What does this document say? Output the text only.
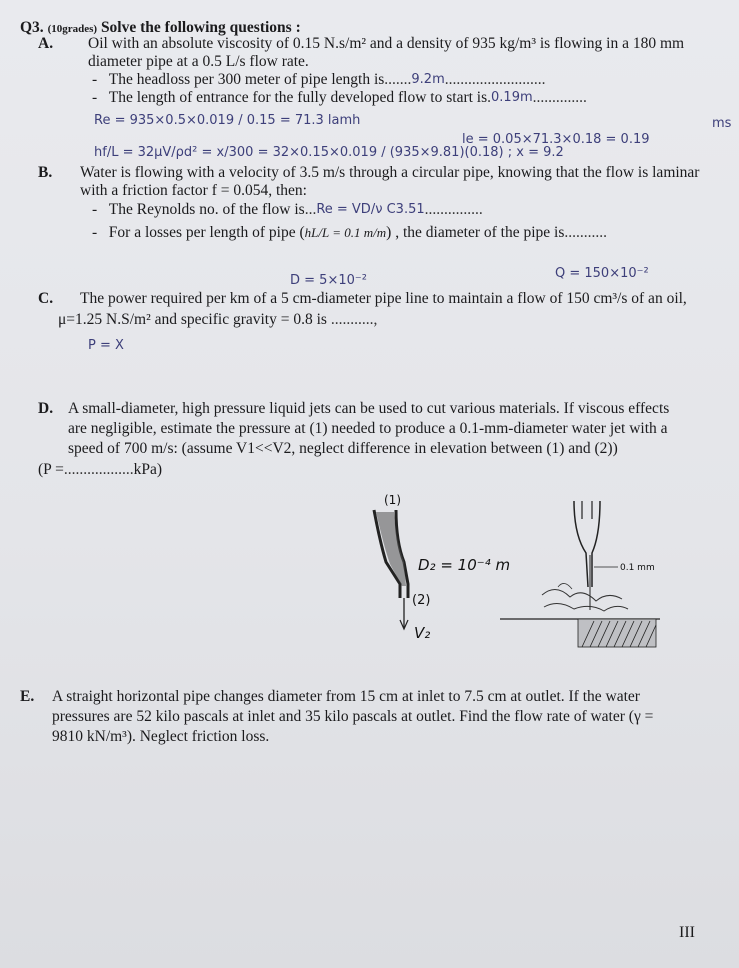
Q3. (10grades) Solve the following questions :
A. Oil with an absolute viscosity of 0.15 N.s/m² and a density of 935 kg/m³ is flowing in a 180 mm
diameter pipe at a 0.5 L/s flow rate.
-   The headloss per 300 meter of pipe length is.......9.2m..........................
-   The length of entrance for the fully developed flow to start is.0.19m..............
Re = 935×0.5×0.019 / 0.15 = 71.3 lamh
hf/L = 32μV/ρd² = x/300 = 32×0.15×0.019 / (935×9.81)(0.18) ; x = 9.2
le = 0.05×71.3×0.18 = 0.19
ms
B. Water is flowing with a velocity of 3.5 m/s through a circular pipe, knowing that the flow is laminar
with a friction factor f = 0.054, then:
-   The Reynolds no. of the flow is...Re = VD/ν C3.51...............
-   For a losses per length of pipe (hL/L = 0.1 m/m) , the diameter of the pipe is...........
D = 5×10⁻²	Q = 150×10⁻²
C. The power required per km of a 5 cm-diameter pipe line to maintain a flow of 150 cm³/s of an oil,
μ=1.25 N.S/m² and specific gravity = 0.8 is ...........,
P = X
D. A small-diameter, high pressure liquid jets can be used to cut various materials. If viscous effects
are negligible, estimate the pressure at (1) needed to produce a 0.1-mm-diameter water jet with a
speed of 700 m/s: (assume V1<<V2, neglect difference in elevation between (1) and (2))
(P =..................kPa)
(1)
(2)
D₂ = 10⁻⁴ m
V₂
0.1 mm
E. A straight horizontal pipe changes diameter from 15 cm at inlet to 7.5 cm at outlet. If the water
pressures are 52 kilo pascals at inlet and 35 kilo pascals at outlet. Find the flow rate of water (γ =
9810 kN/m³). Neglect friction loss.
III
